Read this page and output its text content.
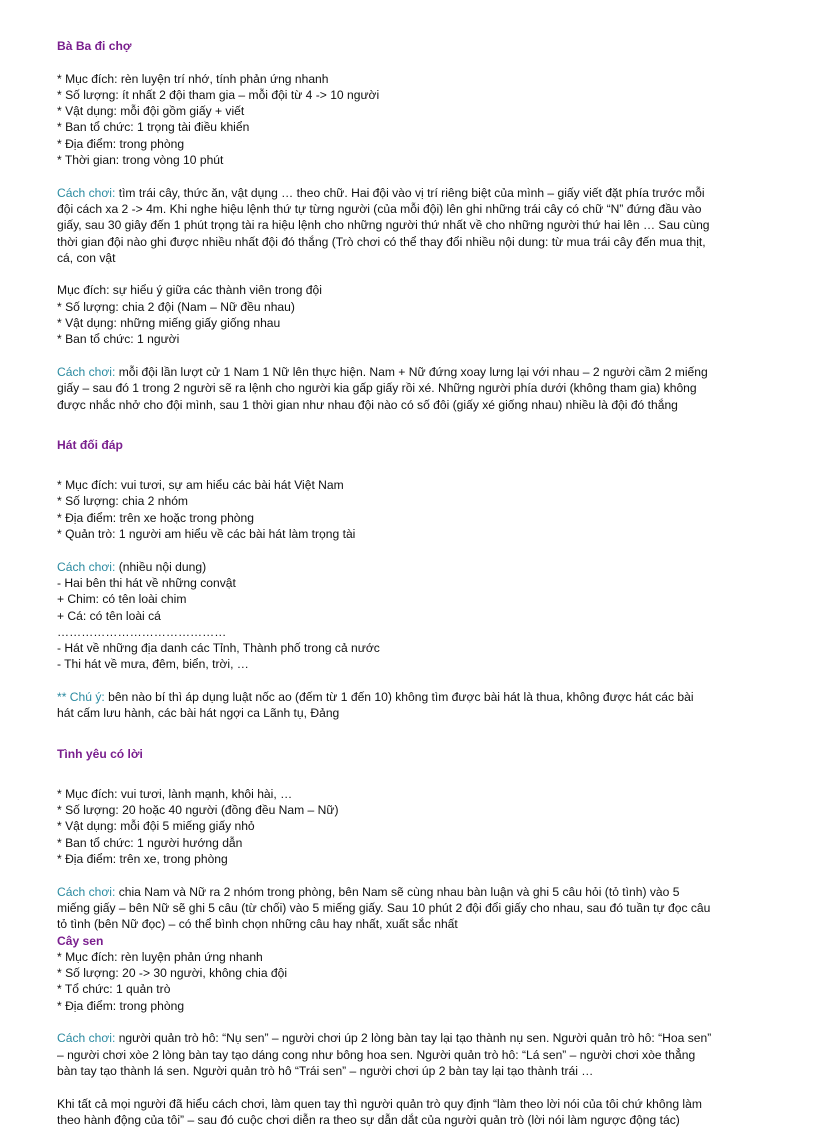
Bà Ba đi chợ
* Mục đích: rèn luyện trí nhớ, tính phản ứng nhanh
* Số lượng: ít nhất 2 đội tham gia – mỗi đội từ 4 -> 10 người
* Vật dụng: mỗi đội gồm giấy + viết
* Ban tổ chức: 1 trọng tài điều khiển
* Địa điểm: trong phòng
* Thời gian: trong vòng 10 phút
Cách chơi: tìm trái cây, thức ăn, vật dụng … theo chữ. Hai đội vào vị trí riêng biệt của mình – giấy viết đặt phía trước mỗi
đội cách xa 2 -> 4m. Khi nghe hiệu lệnh thứ tự từng người (của mỗi đội) lên ghi những trái cây có chữ “N” đứng đầu vào
giấy, sau 30 giây đến 1 phút trọng tài ra hiệu lệnh cho những người thứ nhất về cho những người thứ hai lên … Sau cùng
thời gian đội nào ghi được nhiều nhất đội đó thắng (Trò chơi có thể thay đổi nhiều nội dung: từ mua trái cây đến mua thịt,
cá, con vật
Mục đích: sự hiểu ý giữa các thành viên trong đội
* Số lượng: chia 2 đội (Nam – Nữ đều nhau)
* Vật dụng: những miếng giấy giống nhau
* Ban tổ chức: 1 người
Cách chơi: mỗi đội lần lượt cử 1 Nam 1 Nữ lên thực hiện. Nam + Nữ đứng xoay lưng lại với nhau – 2 người cầm 2 miếng
giấy – sau đó 1 trong 2 người sẽ ra lệnh cho người kia gấp giấy rồi xé. Những người phía dưới (không tham gia) không
được nhắc nhở cho đội mình, sau 1 thời gian như nhau đội nào có số đôi (giấy xé giống nhau) nhiều là đội đó thắng
Hát đối đáp
* Mục đích: vui tươi, sự am hiểu các bài hát Việt Nam
* Số lượng: chia 2 nhóm
* Địa điểm: trên xe hoặc trong phòng
* Quản trò: 1 người am hiểu về các bài hát làm trọng tài
Cách chơi: (nhiều nội dung)
- Hai bên thi hát về những convật
+ Chim: có tên loài chim
+ Cá: có tên loài cá
……………………………………
- Hát về những địa danh các Tỉnh, Thành phố trong cả nước
- Thi hát về mưa, đêm, biển, trời, …
** Chú ý: bên nào bí thì áp dụng luật nốc ao (đếm từ 1 đến 10) không tìm được bài hát là thua, không được hát các bài
hát cấm lưu hành, các bài hát ngợi ca Lãnh tụ, Đảng
Tình yêu có lời
* Mục đích: vui tươi, lành mạnh, khôi hài, …
* Số lượng: 20 hoặc 40 người (đồng đều Nam – Nữ)
* Vật dụng: mỗi đội 5 miếng giấy nhỏ
* Ban tổ chức: 1 người hướng dẫn
* Địa điểm: trên xe, trong phòng
Cách chơi: chia Nam và Nữ ra 2 nhóm trong phòng, bên Nam sẽ cùng nhau bàn luận và ghi 5 câu hỏi (tỏ tình) vào 5
miếng giấy – bên Nữ sẽ ghi 5 câu (từ chối) vào 5 miếng giấy. Sau 10 phút 2 đội đổi giấy cho nhau, sau đó tuần tự đọc câu
tỏ tình (bên Nữ đọc) – có thể bình chọn những câu hay nhất, xuất sắc nhất
Cây sen
* Mục đích: rèn luyện phản ứng nhanh
* Số lượng: 20 -> 30 người, không chia đội
* Tổ chức: 1 quản trò
* Địa điểm: trong phòng
Cách chơi: người quản trò hô: “Nụ sen” – người chơi úp 2 lòng bàn tay lại tạo thành nụ sen. Người quản trò hô: “Hoa sen”
– người chơi xòe 2 lòng bàn tay tạo dáng cong như bông hoa sen. Người quản trò hô: “Lá sen” – người chơi xòe thẳng
bàn tay tạo thành lá sen. Người quản trò hô “Trái sen” – người chơi úp 2 bàn tay lại tạo thành trái …
Khi tất cả mọi người đã hiểu cách chơi, làm quen tay thì người quản trò quy định “làm theo lời nói của tôi chứ không làm
theo hành động của tôi” – sau đó cuộc chơi diễn ra theo sự dẫn dắt của người quản trò (lời nói làm ngược động tác)
